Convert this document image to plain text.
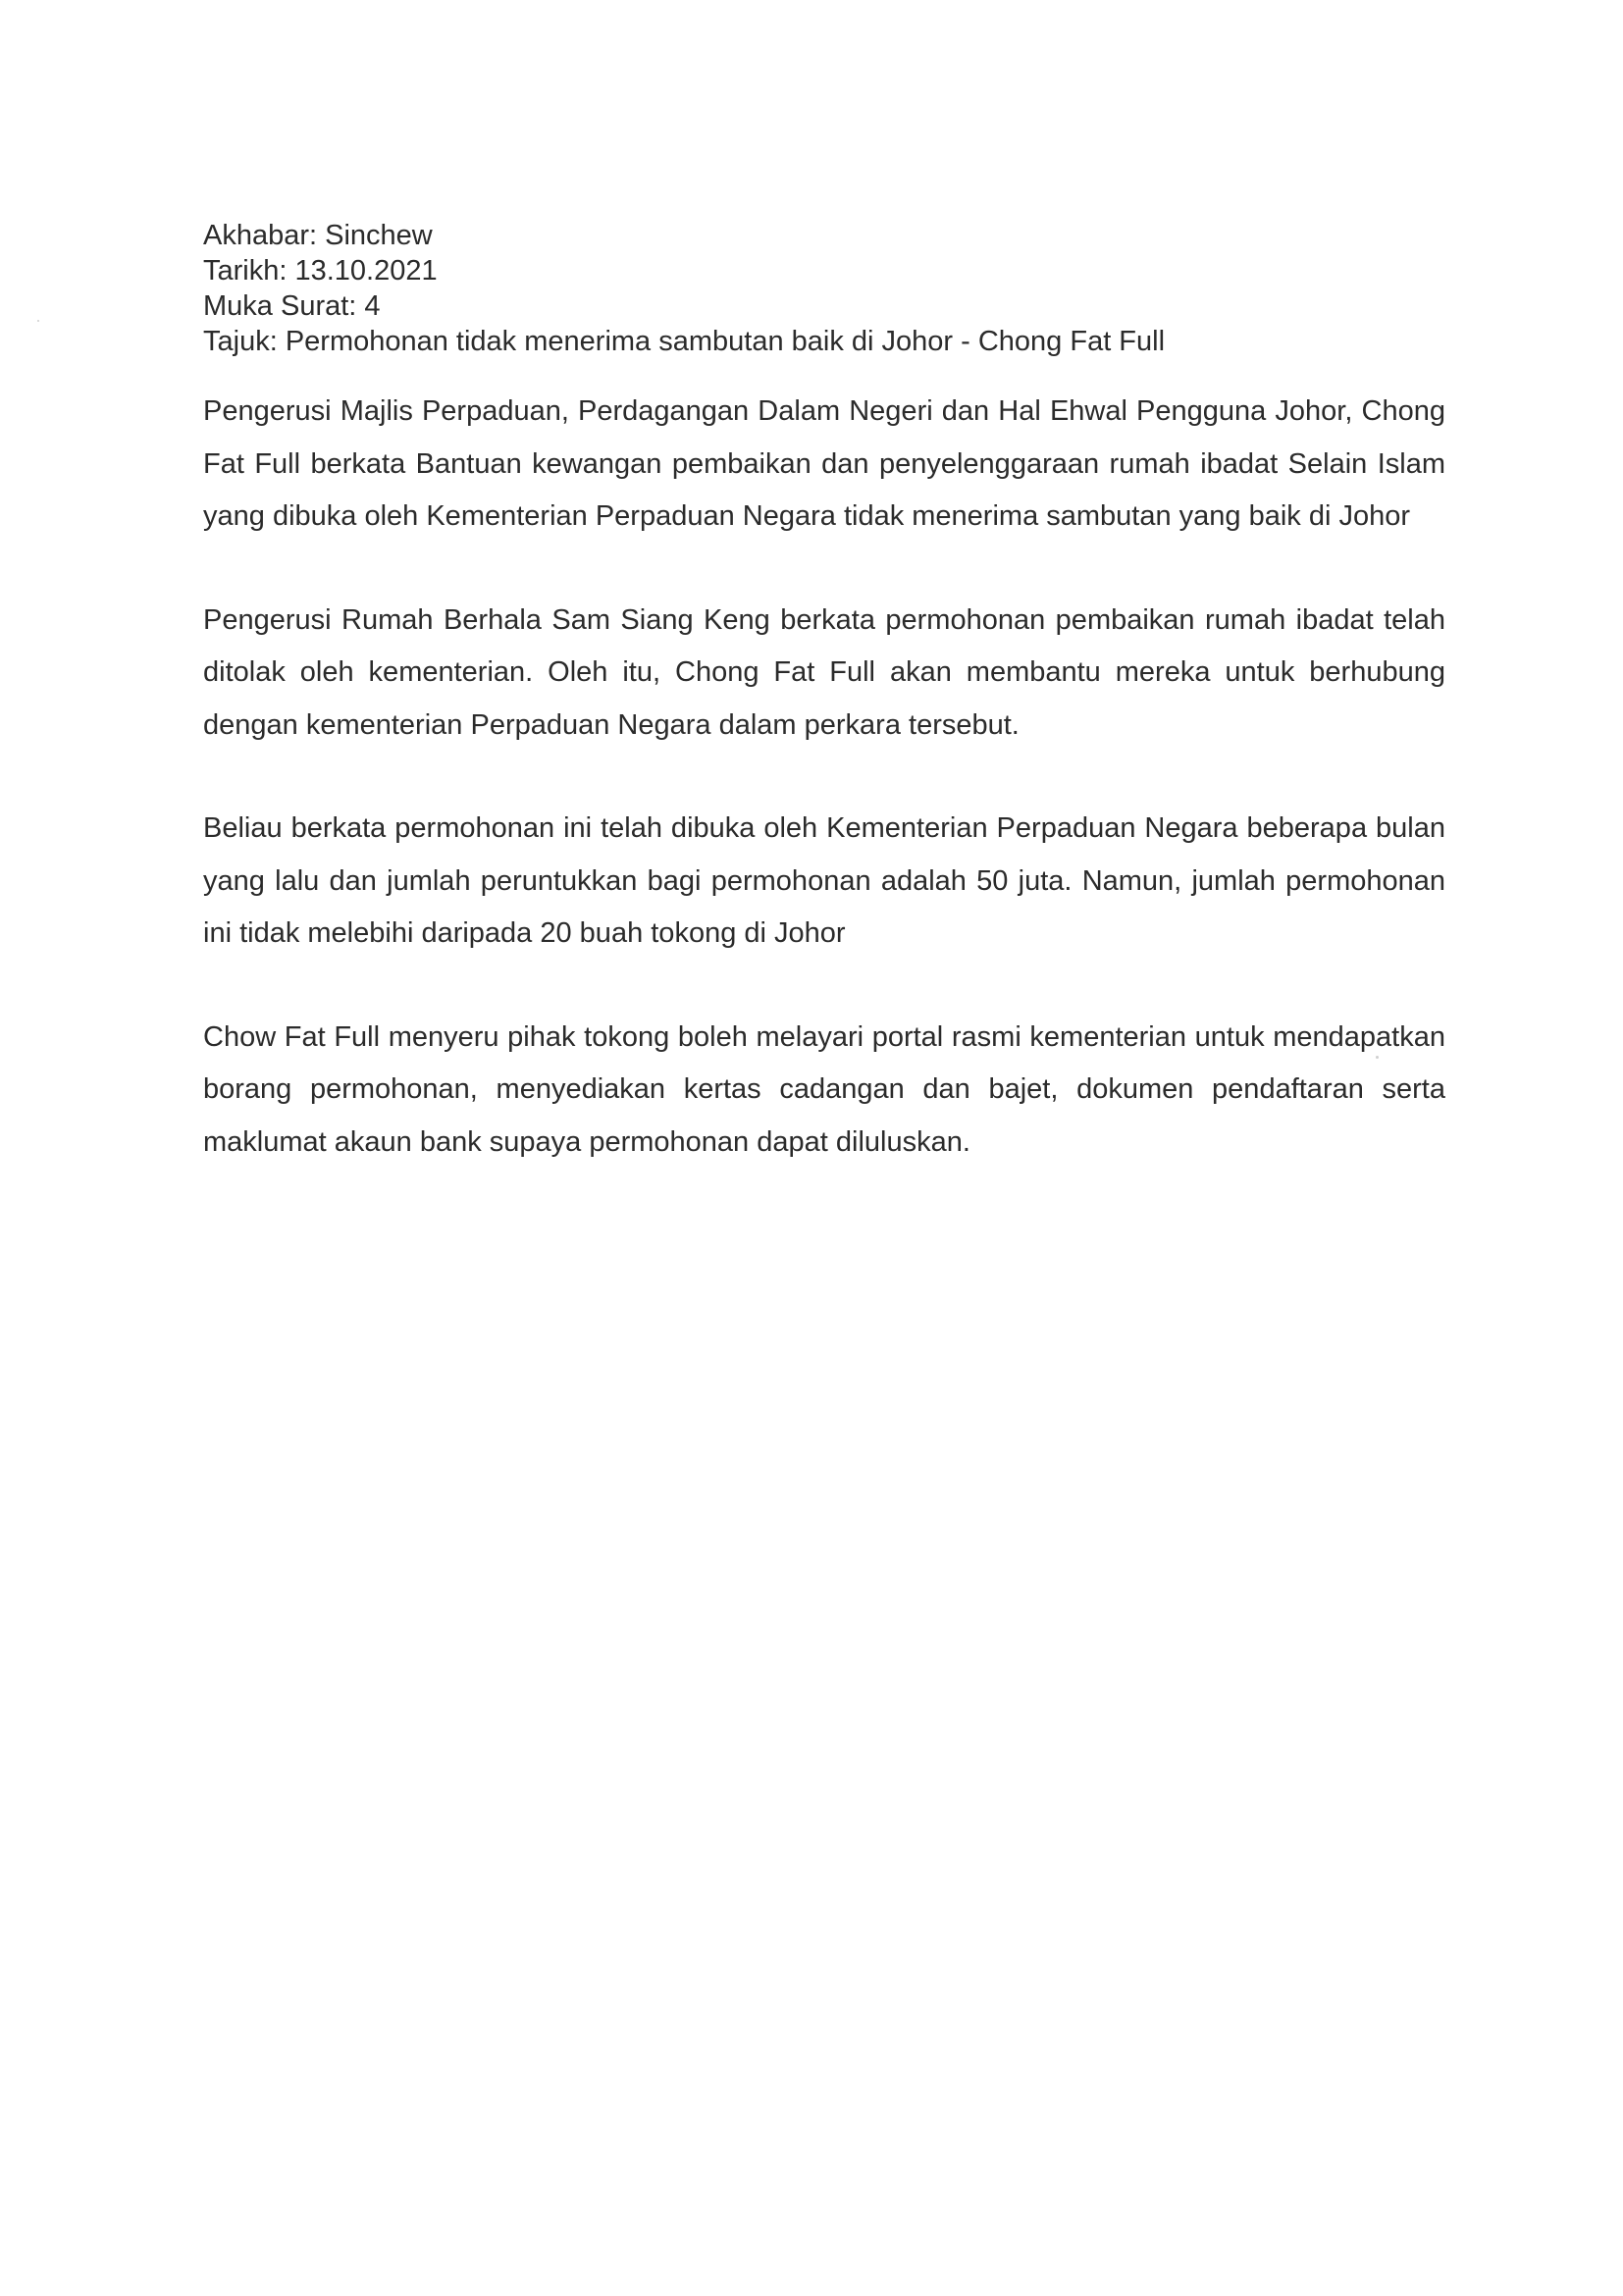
Akhabar: Sinchew

Tarikh: 13.10.2021

Muka Surat: 4

Tajuk: Permohonan tidak menerima sambutan baik di Johor - Chong Fat Full

Pengerusi Majlis Perpaduan, Perdagangan Dalam Negeri dan Hal Ehwal Pengguna Johor, Chong Fat Full berkata Bantuan kewangan pembaikan dan penyelenggaraan rumah ibadat Selain Islam yang dibuka oleh Kementerian Perpaduan Negara tidak menerima sambutan yang baik di Johor

Pengerusi Rumah Berhala Sam Siang Keng berkata permohonan pembaikan rumah ibadat telah ditolak oleh kementerian. Oleh itu, Chong Fat Full akan membantu mereka untuk berhubung dengan kementerian Perpaduan Negara dalam perkara tersebut.

Beliau berkata permohonan ini telah dibuka oleh Kementerian Perpaduan Negara beberapa bulan yang lalu dan jumlah peruntukkan bagi permohonan adalah 50 juta. Namun, jumlah permohonan ini tidak melebihi daripada 20 buah tokong di Johor

Chow Fat Full menyeru pihak tokong boleh melayari portal rasmi kementerian untuk mendapatkan borang permohonan, menyediakan kertas cadangan dan bajet, dokumen pendaftaran serta maklumat akaun bank supaya permohonan dapat diluluskan.
